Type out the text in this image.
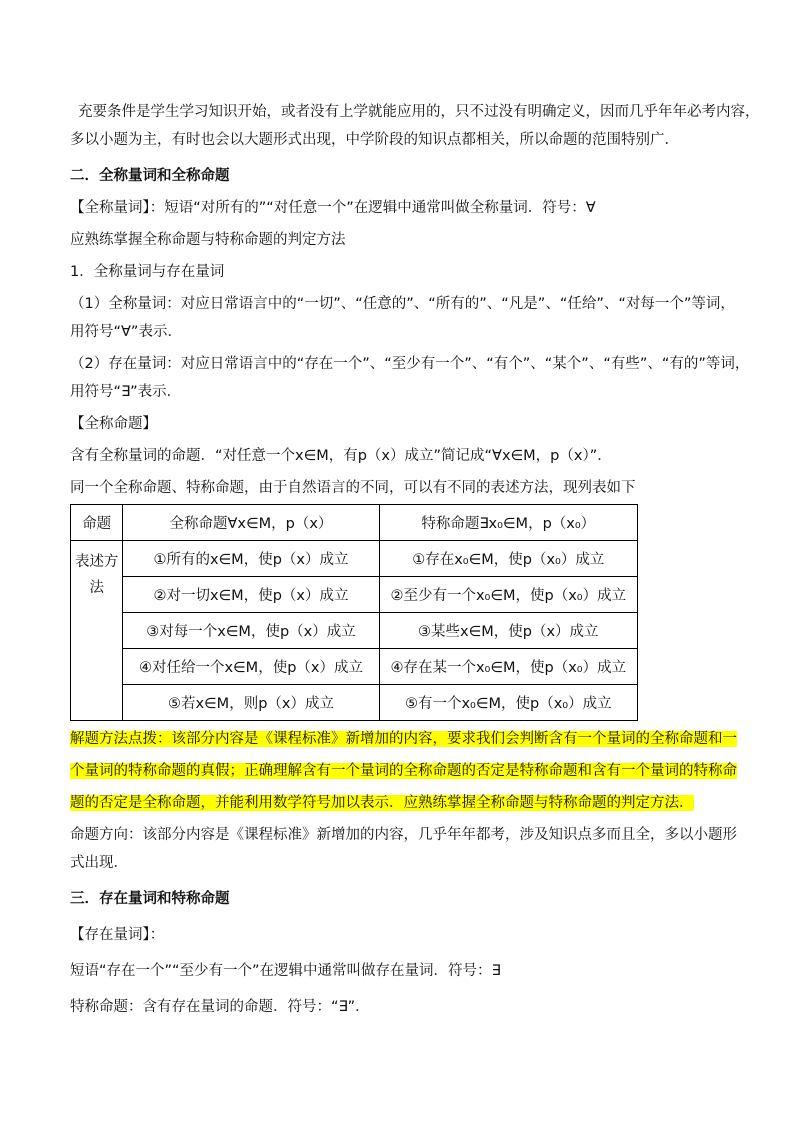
充要条件是学生学习知识开始，或者没有上学就能应用的，只不过没有明确定义，因而几乎年年必考内容，

多以小题为主，有时也会以大题形式出现，中学阶段的知识点都相关，所以命题的范围特别广．

二．全称量词和全称命题

【全称量词】：短语“对所有的”“对任意一个”在逻辑中通常叫做全称量词．符号：∀

应熟练掌握全称命题与特称命题的判定方法

1．全称量词与存在量词

（1）全称量词：对应日常语言中的“一切”、“任意的”、“所有的”、“凡是”、“任给”、“对每一个”等词，

用符号“∀”表示．

（2）存在量词：对应日常语言中的“存在一个”、“至少有一个”、“有个”、“某个”、“有些”、“有的”等词，

用符号“∃”表示．

【全称命题】

含有全称量词的命题．“对任意一个x∈M，有p（x）成立”简记成“∀x∈M，p（x）”．

同一个全称命题、特称命题，由于自然语言的不同，可以有不同的表述方法，现列表如下

命题	全称命题∀x∈M，p（x）	特称命题∃x₀∈M，p（x₀）
表述方法	①所有的x∈M，使p（x）成立	①存在x₀∈M，使p（x₀）成立
	②对一切x∈M，使p（x）成立	②至少有一个x₀∈M，使p（x₀）成立
	③对每一个x∈M，使p（x）成立	③某些x∈M，使p（x）成立
	④对任给一个x∈M，使p（x）成立	④存在某一个x₀∈M，使p（x₀）成立
	⑤若x∈M，则p（x）成立	⑤有一个x₀∈M，使p（x₀）成立

解题方法点拨：该部分内容是《课程标准》新增加的内容，要求我们会判断含有一个量词的全称命题和一

个量词的特称命题的真假；正确理解含有一个量词的全称命题的否定是特称命题和含有一个量词的特称命

题的否定是全称命题，并能利用数学符号加以表示．应熟练掌握全称命题与特称命题的判定方法．

命题方向：该部分内容是《课程标准》新增加的内容，几乎年年都考，涉及知识点多而且全，多以小题形

式出现．

三．存在量词和特称命题

【存在量词】：

短语“存在一个”“至少有一个”在逻辑中通常叫做存在量词．符号：∃

特称命题：含有存在量词的命题．符号：“∃”．
